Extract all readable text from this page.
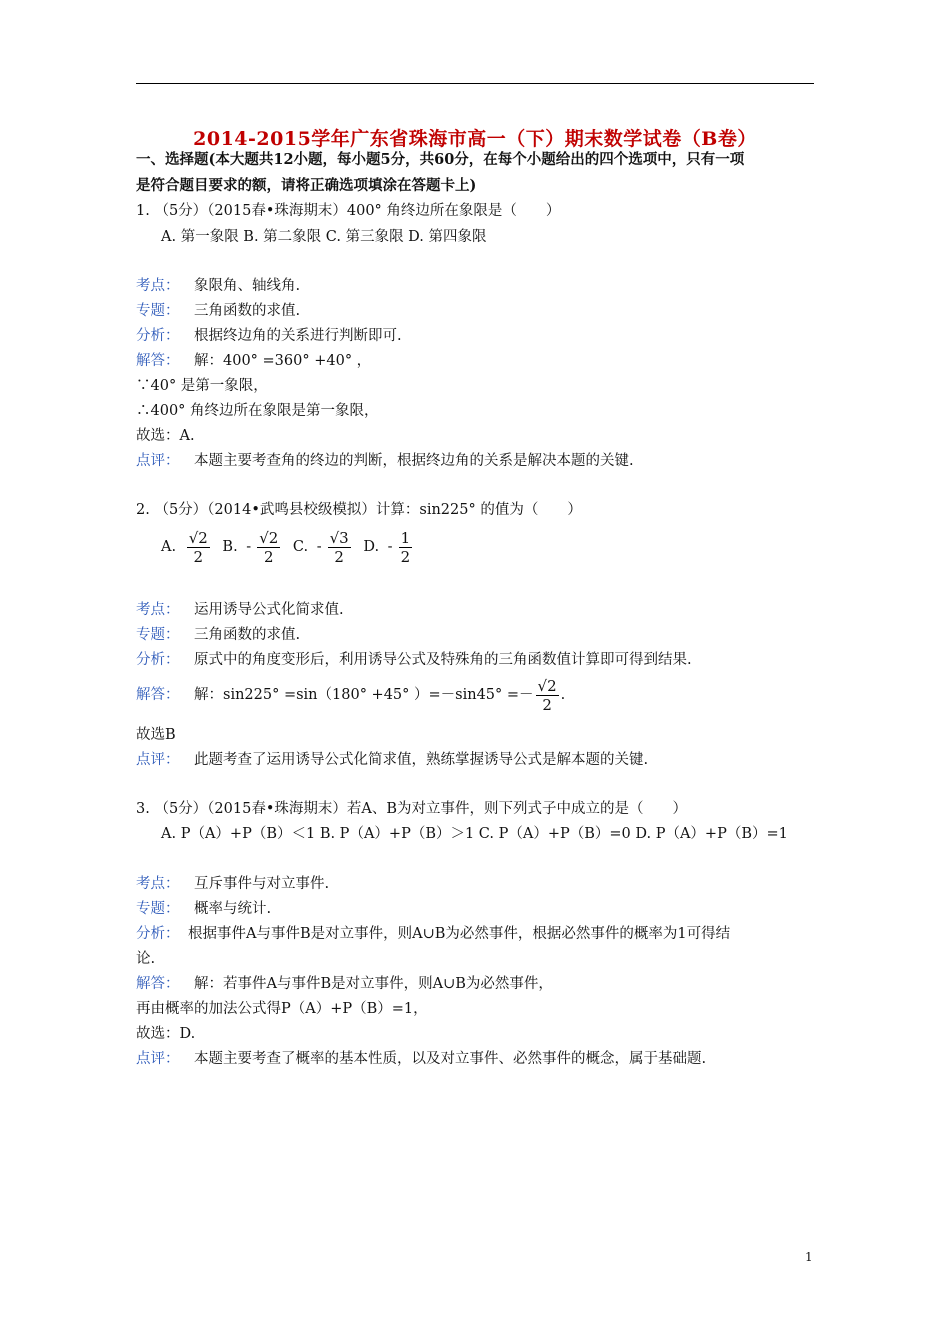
2014-2015学年广东省珠海市高一（下）期末数学试卷（B卷）
一、选择题(本大题共12小题，每小题5分，共60分，在每个小题给出的四个选项中，只有一项
是符合题目要求的额，请将正确选项填涂在答题卡上)
1. （5分）（2015春•珠海期末）400° 角终边所在象限是（　　）
A. 第一象限 B. 第二象限 C. 第三象限 D. 第四象限
考点： 象限角、轴线角.
专题： 三角函数的求值.
分析： 根据终边角的关系进行判断即可.
解答： 解：400° =360° +40° ，
∵40° 是第一象限，
∴400° 角终边所在象限是第一象限，
故选：A.
点评： 本题主要考查角的终边的判断，根据终边角的关系是解决本题的关键.
2. （5分）（2014•武鸣县校级模拟）计算：sin225° 的值为（　　）
A. $\frac{√2}{2} B$. - $\frac{√2}{2} C$. - $\frac{√3}{2} D$. - $\frac{1}{2}$
考点： 运用诱导公式化简求值.
专题： 三角函数的求值.
分析： 原式中的角度变形后，利用诱导公式及特殊角的三角函数值计算即可得到结果.
解答： 解：sin225° =sin（180° +45° ）$=-\sin 45^\circ =- \frac{√2}{2}$ .
故选B
点评： 此题考查了运用诱导公式化简求值，熟练掌握诱导公式是解本题的关键.
3. （5分）（2015春•珠海期末）若A、B为对立事件，则下列式子中成立的是（　　）
A. P（A）+P（B）＜1 B. P（A）+P（B）＞1 C. P（A）+P（B）=0 D. P（A）+P（B）=1
考点： 互斥事件与对立事件.
专题： 概率与统计.
分析： 根据事件A与事件B是对立事件，则A∪B为必然事件，根据必然事件的概率为1可得结
论.
解答： 解：若事件A与事件B是对立事件，则A∪B为必然事件，
再由概率的加法公式得P（A）+P（B）=1，
故选：D.
点评： 本题主要考查了概率的基本性质，以及对立事件、必然事件的概念，属于基础题.
1
